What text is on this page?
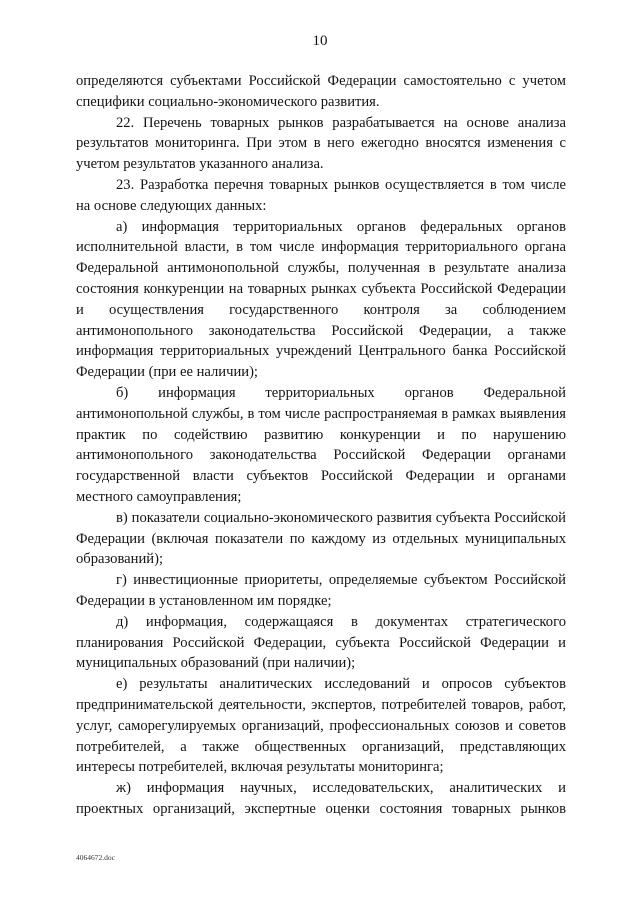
10

определяются субъектами Российской Федерации самостоятельно с учетом специфики социально-экономического развития.

22. Перечень товарных рынков разрабатывается на основе анализа результатов мониторинга. При этом в него ежегодно вносятся изменения с учетом результатов указанного анализа.

23. Разработка перечня товарных рынков осуществляется в том числе на основе следующих данных:

а) информация территориальных органов федеральных органов исполнительной власти, в том числе информация территориального органа Федеральной антимонопольной службы, полученная в результате анализа состояния конкуренции на товарных рынках субъекта Российской Федерации и осуществления государственного контроля за соблюдением антимонопольного законодательства Российской Федерации, а также информация территориальных учреждений Центрального банка Российской Федерации (при ее наличии);

б) информация территориальных органов Федеральной антимонопольной службы, в том числе распространяемая в рамках выявления практик по содействию развитию конкуренции и по нарушению антимонопольного законодательства Российской Федерации органами государственной власти субъектов Российской Федерации и органами местного самоуправления;

в) показатели социально-экономического развития субъекта Российской Федерации (включая показатели по каждому из отдельных муниципальных образований);

г) инвестиционные приоритеты, определяемые субъектом Российской Федерации в установленном им порядке;

д) информация, содержащаяся в документах стратегического планирования Российской Федерации, субъекта Российской Федерации и муниципальных образований (при наличии);

е) результаты аналитических исследований и опросов субъектов предпринимательской деятельности, экспертов, потребителей товаров, работ, услуг, саморегулируемых организаций, профессиональных союзов и советов потребителей, а также общественных организаций, представляющих интересы потребителей, включая результаты мониторинга;

ж) информация научных, исследовательских, аналитических и проектных организаций, экспертные оценки состояния товарных рынков

4064672.doc
